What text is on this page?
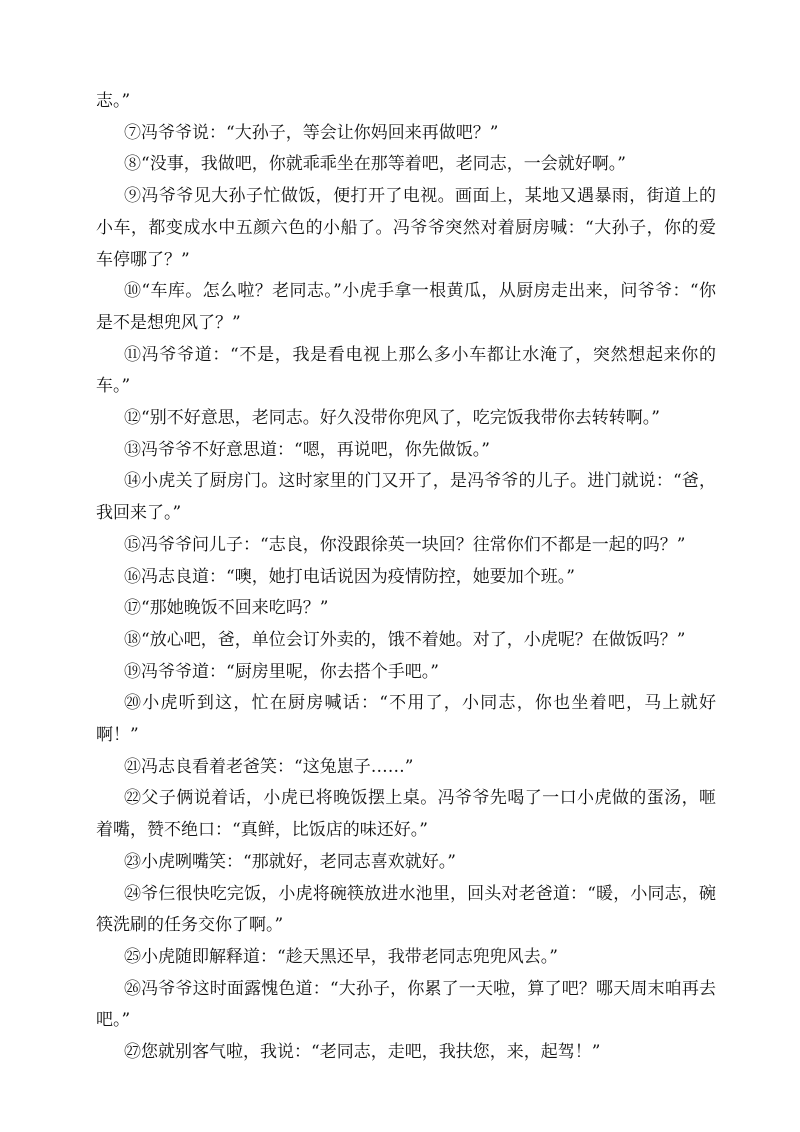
志。”

⑦冯爷爷说：“大孙子，等会让你妈回来再做吧？”

⑧“没事，我做吧，你就乖乖坐在那等着吧，老同志，一会就好啊。”

⑨冯爷爷见大孙子忙做饭，便打开了电视。画面上，某地又遇暴雨，街道上的小车，都变成水中五颜六色的小船了。冯爷爷突然对着厨房喊：“大孙子，你的爱车停哪了？”

⑩“车库。怎么啦？老同志。”小虎手拿一根黄瓜，从厨房走出来，问爷爷：“你是不是想兜风了？”

⑪冯爷爷道：“不是，我是看电视上那么多小车都让水淹了，突然想起来你的车。”

⑫“别不好意思，老同志。好久没带你兜风了，吃完饭我带你去转转啊。”

⑬冯爷爷不好意思道：“嗯，再说吧，你先做饭。”

⑭小虎关了厨房门。这时家里的门又开了，是冯爷爷的儿子。进门就说：“爸，我回来了。”

⑮冯爷爷问儿子：“志良，你没跟徐英一块回？往常你们不都是一起的吗？”

⑯冯志良道：“噢，她打电话说因为疫情防控，她要加个班。”

⑰“那她晚饭不回来吃吗？”

⑱“放心吧，爸，单位会订外卖的，饿不着她。对了，小虎呢？在做饭吗？”

⑲冯爷爷道：“厨房里呢，你去搭个手吧。”

⑳小虎听到这，忙在厨房喊话：“不用了，小同志，你也坐着吧，马上就好啊！”

㉑冯志良看着老爸笑：“这兔崽子……”

㉒父子俩说着话，小虎已将晚饭摆上桌。冯爷爷先喝了一口小虎做的蛋汤，咂着嘴，赞不绝口：“真鲜，比饭店的味还好。”

㉓小虎咧嘴笑：“那就好，老同志喜欢就好。”

㉔爷仨很快吃完饭，小虎将碗筷放进水池里，回头对老爸道：“暖，小同志，碗筷洗刷的任务交你了啊。”

㉕小虎随即解释道：“趁天黑还早，我带老同志兜兜风去。”

㉖冯爷爷这时面露愧色道：“大孙子，你累了一天啦，算了吧？哪天周末咱再去吧。”

㉗您就别客气啦，我说：“老同志，走吧，我扶您，来，起驾！”
